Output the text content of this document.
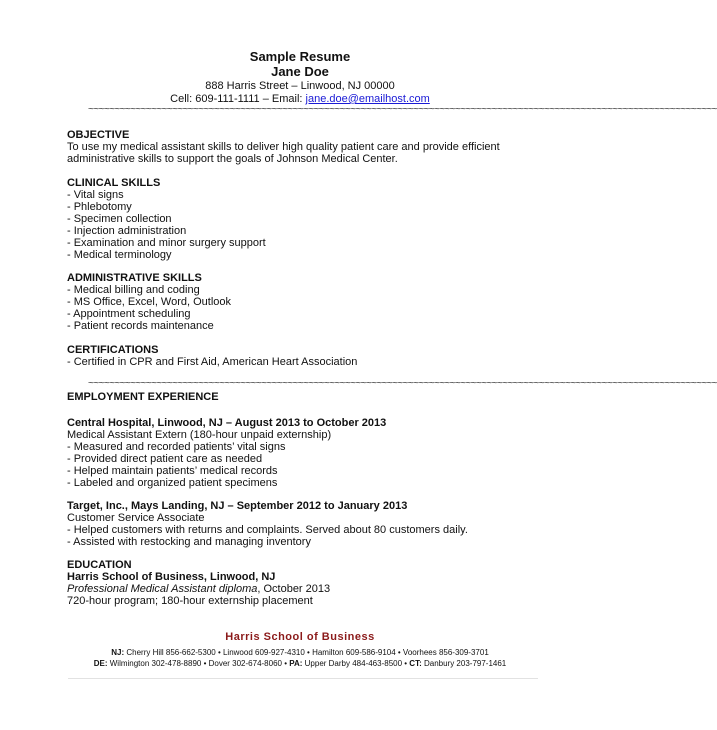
Sample Resume
Jane Doe
888 Harris Street – Linwood, NJ 00000
Cell: 609-111-1111 – Email: jane.doe@emailhost.com
~~~~~~~~~~~~~~~~~~~~~~~~~~~~~~~~~~~~~~~~~~~~~~~~~~~~~~~~~~~~~~~~~~~~~~~~~~~~~~~~~~~~~~~~~~~~~~~~~~~~~~~~~~~~~~~~~~~~~~~~
OBJECTIVE
To use my medical assistant skills to deliver high quality patient care and provide efficient
administrative skills to support the goals of Johnson Medical Center.
CLINICAL SKILLS
- Vital signs
- Phlebotomy
- Specimen collection
- Injection administration
- Examination and minor surgery support
- Medical terminology
ADMINISTRATIVE SKILLS
- Medical billing and coding
- MS Office, Excel, Word, Outlook
- Appointment scheduling
- Patient records maintenance
CERTIFICATIONS
- Certified in CPR and First Aid, American Heart Association
~~~~~~~~~~~~~~~~~~~~~~~~~~~~~~~~~~~~~~~~~~~~~~~~~~~~~~~~~~~~~~~~~~~~~~~~~~~~~~~~~~~~~~~~~~~~~~~~~~~~~~~~~~~~~~~~~~~~~~~~
EMPLOYMENT EXPERIENCE
Central Hospital, Linwood, NJ – August 2013 to October 2013
Medical Assistant Extern (180-hour unpaid externship)
- Measured and recorded patients’ vital signs
- Provided direct patient care as needed
- Helped maintain patients’ medical records
- Labeled and organized patient specimens
Target, Inc., Mays Landing, NJ – September 2012 to January 2013
Customer Service Associate
- Helped customers with returns and complaints. Served about 80 customers daily.
- Assisted with restocking and managing inventory
EDUCATION
Harris School of Business, Linwood, NJ
Professional Medical Assistant diploma, October 2013
720-hour program; 180-hour externship placement
Harris School of Business
NJ: Cherry Hill 856-662-5300 • Linwood 609-927-4310 • Hamilton 609-586-9104 • Voorhees 856-309-3701
DE: Wilmington 302-478-8890 • Dover 302-674-8060 • PA: Upper Darby 484-463-8500 • CT: Danbury 203-797-1461
